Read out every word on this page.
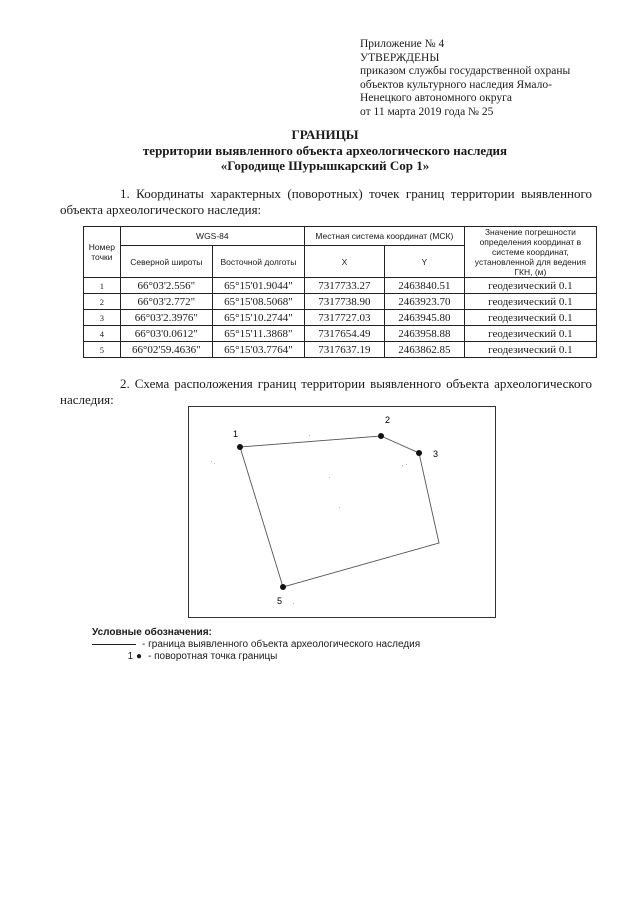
Приложение № 4
УТВЕРЖДЕНЫ
приказом службы государственной охраны
объектов культурного наследия Ямало-
Ненецкого автономного округа
от 11 марта 2019 года № 25
ГРАНИЦЫ
территории выявленного объекта археологического наследия
«Городище Шурышкарский Сор 1»
1. Координаты характерных (поворотных) точек границ территории выявленного объекта археологического наследия:
Номер точки	WGS-84		Местная система координат (МСК)		Значение погрешности определения координат в системе координат, установленной для ведения ГКН, (м)
	Северной широты	Восточной долготы	X	Y	
1	66°03'2.556"	65°15'01.9044"	7317733.27	2463840.51	геодезический 0.1
2	66°03'2.772"	65°15'08.5068"	7317738.90	2463923.70	геодезический 0.1
3	66°03'2.3976"	65°15'10.2744"	7317727.03	2463945.80	геодезический 0.1
4	66°03'0.0612"	65°15'11.3868"	7317654.49	2463958.88	геодезический 0.1
5	66°02'59.4636"	65°15'03.7764"	7317637.19	2463862.85	геодезический 0.1
2. Схема расположения границ территории выявленного объекта археологического наследия:
1
2
3
5
Условные обозначения:
- граница выявленного объекта археологического наследия
1 ● - поворотная точка границы
